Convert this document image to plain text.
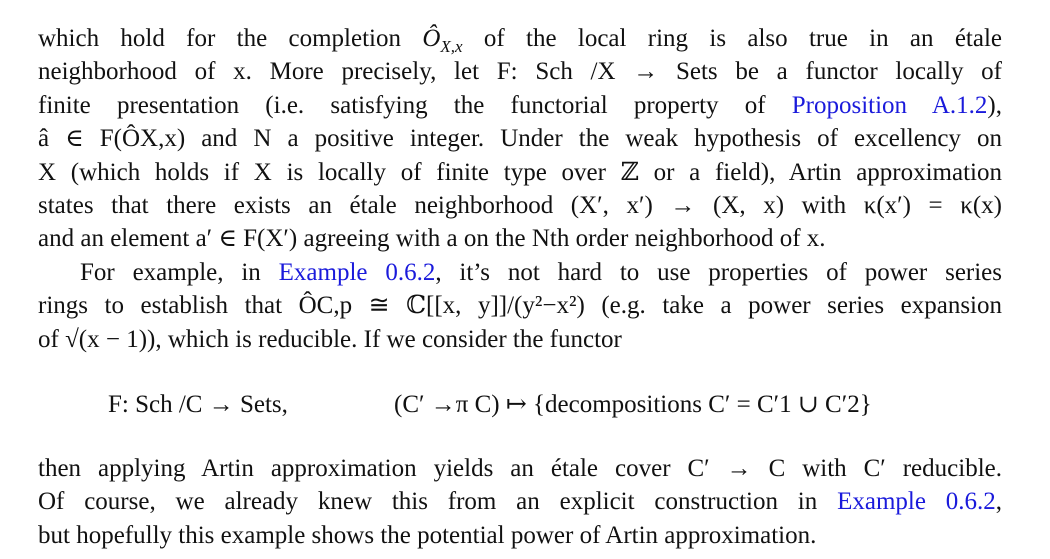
which hold for the completion $Ô_{X,x}$ of the local ring is also true in an étale
neighborhood of x. More precisely, let F: Sch /X → Sets be a functor locally of
finite presentation (i.e. satisfying the functorial property of Proposition A.1.2),
â ∈ F(ÔX,x) and N a positive integer. Under the weak hypothesis of excellency on
X (which holds if X is locally of finite type over ℤ or a field), Artin approximation
states that there exists an étale neighborhood (X′, x′) → (X, x) with κ(x′) = κ(x)
and an element a′ ∈ F(X′) agreeing with a on the Nth order neighborhood of x.
For example, in Example 0.6.2, it’s not hard to use properties of power series
rings to establish that ÔC,p ≅ ℂ[[x, y]]/(y²−x²) (e.g. take a power series expansion
of √(x − 1)), which is reducible. If we consider the functor
F: Sch /C → Sets,	(C′ →π C) ↦ {decompositions C′ = C′1 ∪ C′2}
then applying Artin approximation yields an étale cover C′ → C with C′ reducible.
Of course, we already knew this from an explicit construction in Example 0.6.2,
but hopefully this example shows the potential power of Artin approximation.
